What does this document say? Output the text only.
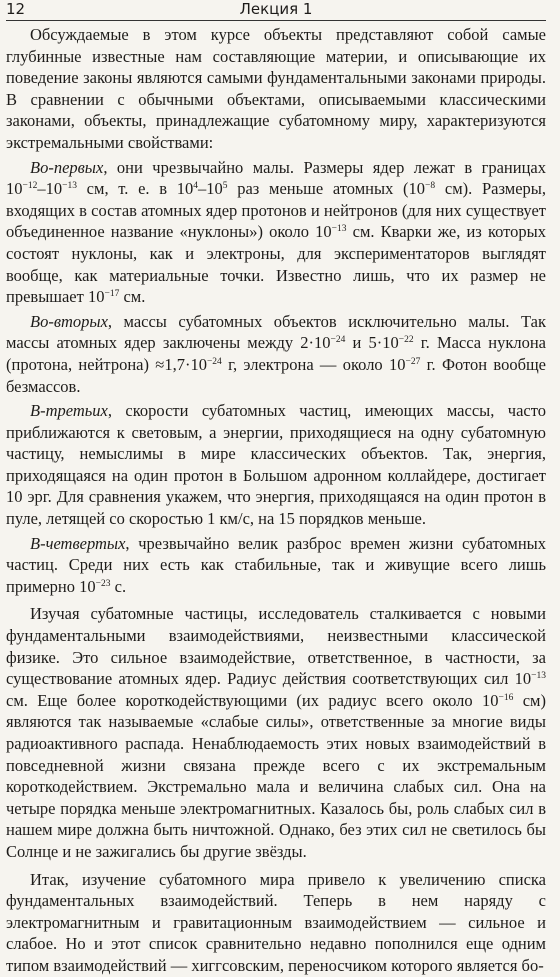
12	Лекция 1

Обсуждаемые в этом курсе объекты представляют собой самые глубинные известные нам составляющие материи, и описывающие их поведение законы являются самыми фундаментальными законами природы. В сравнении с обычными объектами, описываемыми классическими законами, объекты, принадлежащие субатомному миру, характеризуются экстремальными свойствами:

Во-первых, они чрезвычайно малы. Размеры ядер лежат в границах $10^{-12}-10^{-13}$ см, т. е. в $10^4-10^5$ раз меньше атомных ($10^{-8}$ см). Размеры, входящих в состав атомных ядер протонов и нейтронов (для них существует объединенное название «нуклоны») около $10^{-13}$ см. Кварки же, из которых состоят нуклоны, как и электроны, для экспериментаторов выглядят вообще, как материальные точки. Известно лишь, что их размер не превышает $10^{-17}$ см.

Во-вторых, массы субатомных объектов исключительно малы. Так массы атомных ядер заключены между $2\cdot 10^{-24}$ и $5\cdot 10^{-22}$ г. Масса нуклона (протона, нейтрона) $\approx 1,7\cdot 10^{-24}$ г, электрона — около $10^{-27}$ г. Фотон вообще безмассов.

В-третьих, скорости субатомных частиц, имеющих массы, часто приближаются к световым, а энергии, приходящиеся на одну субатомную частицу, немыслимы в мире классических объектов. Так, энергия, приходящаяся на один протон в Большом адронном коллайдере, достигает 10 эрг. Для сравнения укажем, что энергия, приходящаяся на один протон в пуле, летящей со скоростью 1 км/с, на 15 порядков меньше.

В-четвертых, чрезвычайно велик разброс времен жизни субатомных частиц. Среди них есть как стабильные, так и живущие всего лишь примерно $10^{-23}$ с.

Изучая субатомные частицы, исследователь сталкивается с новыми фундаментальными взаимодействиями, неизвестными классической физике. Это сильное взаимодействие, ответственное, в частности, за существование атомных ядер. Радиус действия соответствующих сил $10^{-13}$ см. Еще более короткодействующими (их радиус всего около $10^{-16}$ см) являются так называемые «слабые силы», ответственные за многие виды радиоактивного распада. Ненаблюдаемость этих новых взаимодействий в повседневной жизни связана прежде всего с их экстремальным короткодействием. Экстремально мала и величина слабых сил. Она на четыре порядка меньше электромагнитных. Казалось бы, роль слабых сил в нашем мире должна быть ничтожной. Однако, без этих сил не светилось бы Солнце и не зажигались бы другие звёзды.

Итак, изучение субатомного мира привело к увеличению списка фундаментальных взаимодействий. Теперь в нем наряду с электромагнитным и гравитационным взаимодействием — сильное и слабое. Но и этот список сравнительно недавно пополнился еще одним типом взаимодействий — хиггсовским, переносчиком которого является бо-
